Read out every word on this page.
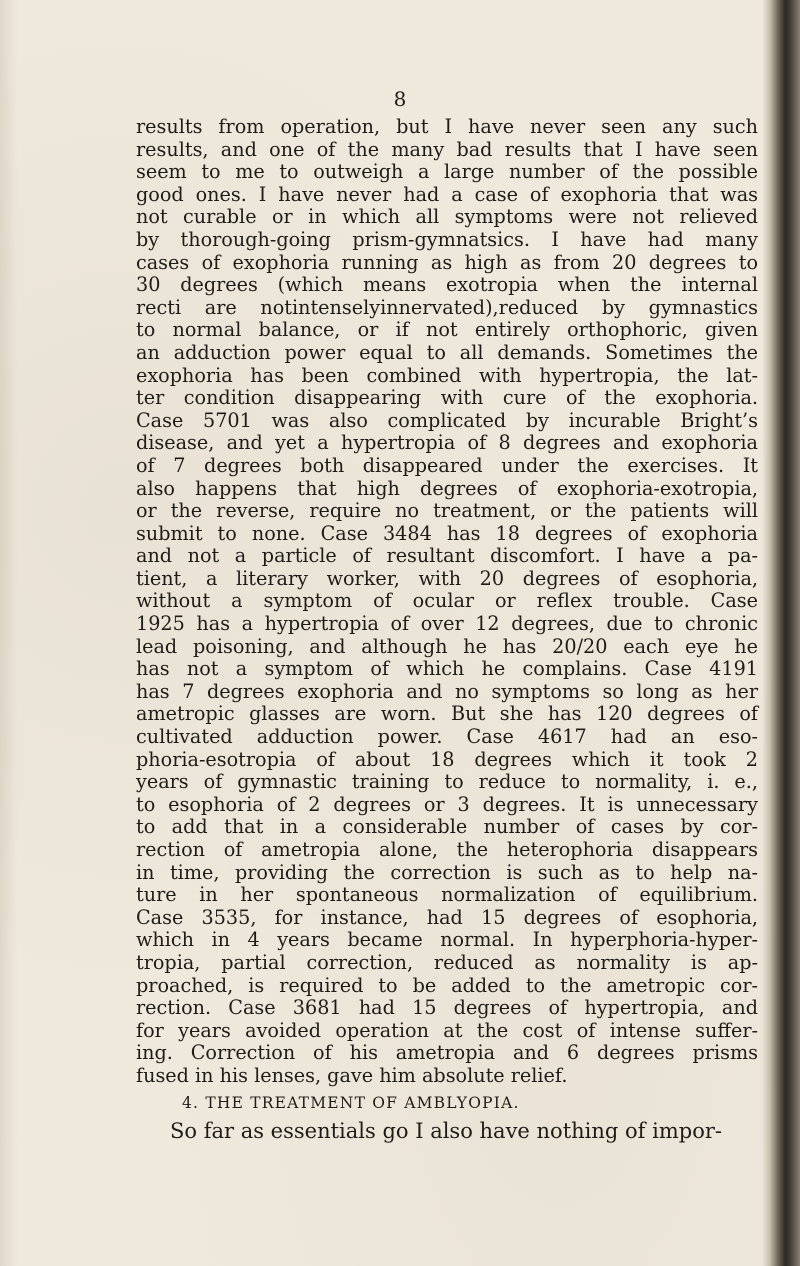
8
results from operation, but I have never seen any such
results, and one of the many bad results that I have seen
seem to me to outweigh a large number of the possible
good ones. I have never had a case of exophoria that was
not curable or in which all symptoms were not relieved
by thorough-going prism-gymnatsics. I have had many
cases of exophoria running as high as from 20 degrees to
30 degrees (which means exotropia when the internal
recti are notintenselyinnervated),reduced by gymnastics
to normal balance, or if not entirely orthophoric, given
an adduction power equal to all demands. Sometimes the
exophoria has been combined with hypertropia, the lat-
ter condition disappearing with cure of the exophoria.
Case 5701 was also complicated by incurable Bright’s
disease, and yet a hypertropia of 8 degrees and exophoria
of 7 degrees both disappeared under the exercises. It
also happens that high degrees of exophoria-exotropia,
or the reverse, require no treatment, or the patients will
submit to none. Case 3484 has 18 degrees of exophoria
and not a particle of resultant discomfort. I have a pa-
tient, a literary worker, with 20 degrees of esophoria,
without a symptom of ocular or reflex trouble. Case
1925 has a hypertropia of over 12 degrees, due to chronic
lead poisoning, and although he has 20/20 each eye he
has not a symptom of which he complains. Case 4191
has 7 degrees exophoria and no symptoms so long as her
ametropic glasses are worn. But she has 120 degrees of
cultivated adduction power. Case 4617 had an eso-
phoria-esotropia of about 18 degrees which it took 2
years of gymnastic training to reduce to normality, i. e.,
to esophoria of 2 degrees or 3 degrees. It is unnecessary
to add that in a considerable number of cases by cor-
rection of ametropia alone, the heterophoria disappears
in time, providing the correction is such as to help na-
ture in her spontaneous normalization of equilibrium.
Case 3535, for instance, had 15 degrees of esophoria,
which in 4 years became normal. In hyperphoria-hyper-
tropia, partial correction, reduced as normality is ap-
proached, is required to be added to the ametropic cor-
rection. Case 3681 had 15 degrees of hypertropia, and
for years avoided operation at the cost of intense suffer-
ing. Correction of his ametropia and 6 degrees prisms
fused in his lenses, gave him absolute relief.
4. THE TREATMENT OF AMBLYOPIA.
So far as essentials go I also have nothing of impor-
